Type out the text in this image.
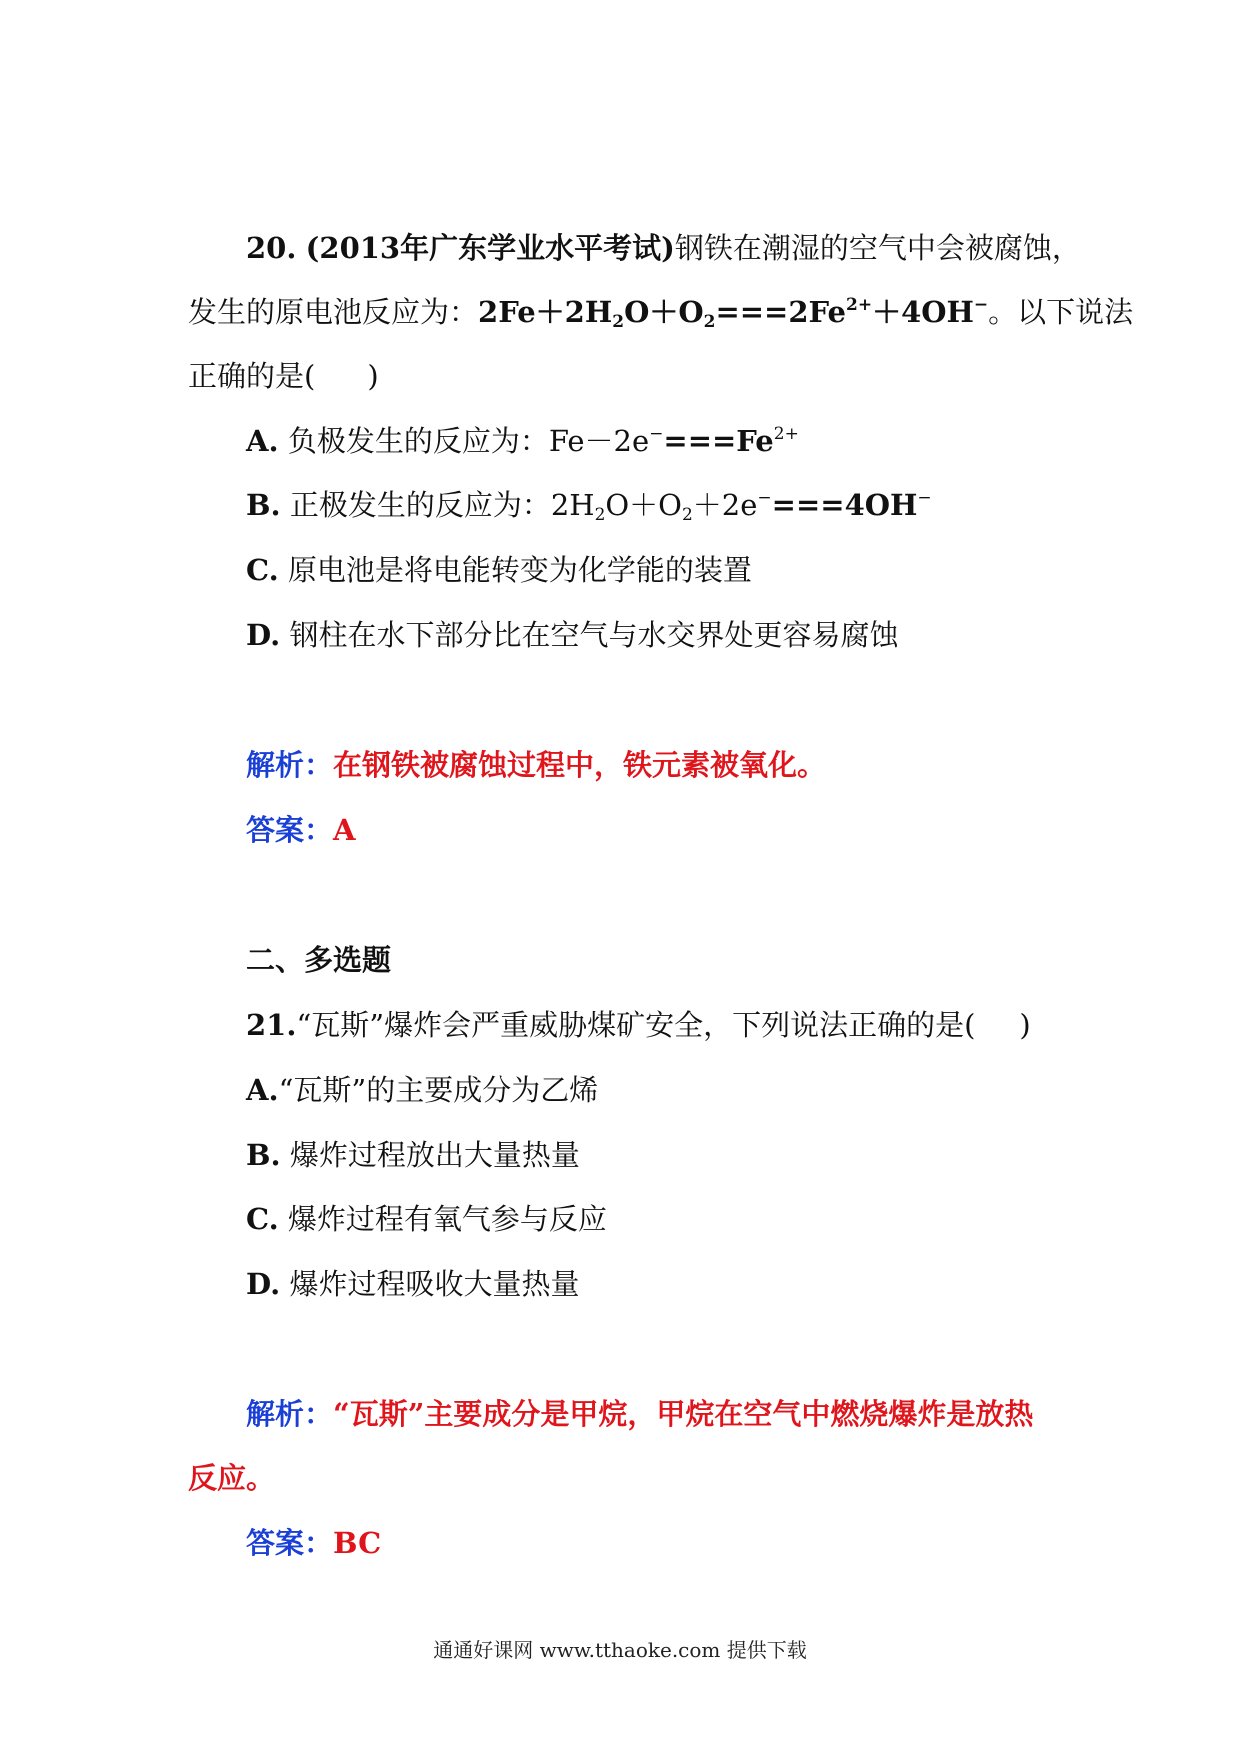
20. (2013年广东学业水平考试)钢铁在潮湿的空气中会被腐蚀，
发生的原电池反应为：$2Fe+2H_2O+O_2===2Fe^{2+}+4OH^-$。以下说法
正确的是( )
A. 负极发生的反应为：$Fe-2e^-===Fe^{2+}$
B. 正极发生的反应为：$2H_2O+O_2+2e^-===4OH^-$
C. 原电池是将电能转变为化学能的装置
D. 钢柱在水下部分比在空气与水交界处更容易腐蚀
解析：在钢铁被腐蚀过程中，铁元素被氧化。
答案：A
二、多选题
21.“瓦斯”爆炸会严重威胁煤矿安全，下列说法正确的是( )
A.“瓦斯”的主要成分为乙烯
B. 爆炸过程放出大量热量
C. 爆炸过程有氧气参与反应
D. 爆炸过程吸收大量热量
解析：“瓦斯”主要成分是甲烷，甲烷在空气中燃烧爆炸是放热
反应。
答案：BC
通通好课网 www.tthaoke.com 提供下载
